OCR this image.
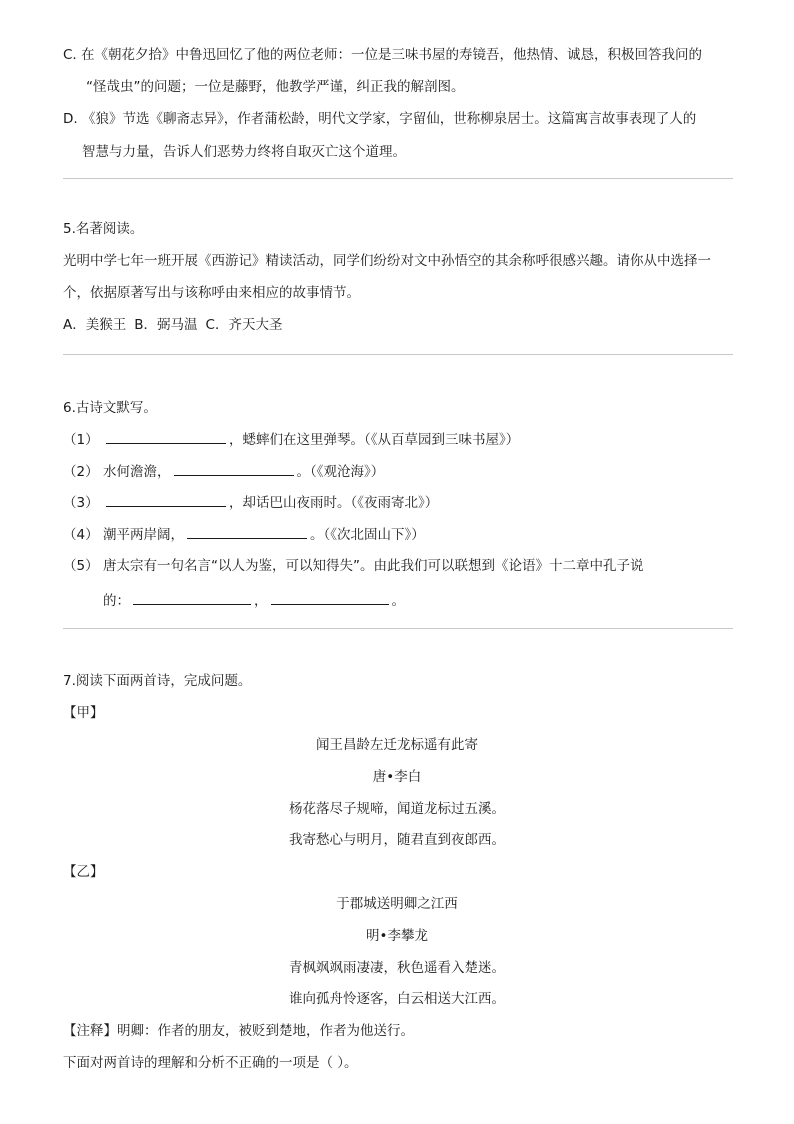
C. 在《朝花夕拾》中鲁迅回忆了他的两位老师：一位是三味书屋的寿镜吾，他热情、诚恳，积极回答我问的
“怪哉虫”的问题；一位是藤野，他教学严谨，纠正我的解剖图。
D. 《狼》节选《聊斋志异》，作者蒲松龄，明代文学家，字留仙，世称柳泉居士。这篇寓言故事表现了人的
智慧与力量，告诉人们恶势力终将自取灭亡这个道理。
5.名著阅读。
光明中学七年一班开展《西游记》精读活动，同学们纷纷对文中孙悟空的其余称呼很感兴趣。请你从中选择一
个，依据原著写出与该称呼由来相应的故事情节。
A．美猴王 B．弼马温 C．齐天大圣
6.古诗文默写。
（1）	，蟋蟀们在这里弹琴。（《从百草园到三味书屋》）
（2） 水何澹澹，	。（《观沧海》）
（3）	，却话巴山夜雨时。（《夜雨寄北》）
（4） 潮平两岸阔，	。（《次北固山下》）
（5） 唐太宗有一句名言“以人为鉴，可以知得失”。由此我们可以联想到《论语》十二章中孔子说
的：	，	。
7.阅读下面两首诗，完成问题。
【甲】
闻王昌龄左迁龙标遥有此寄
唐•李白
杨花落尽子规啼，闻道龙标过五溪。
我寄愁心与明月，随君直到夜郎西。
【乙】
于郡城送明卿之江西
明•李攀龙
青枫飒飒雨凄凄，秋色遥看入楚迷。
谁向孤舟怜逐客，白云相送大江西。
【注释】明卿：作者的朋友，被贬到楚地，作者为他送行。
下面对两首诗的理解和分析不正确的一项是（ ）。
